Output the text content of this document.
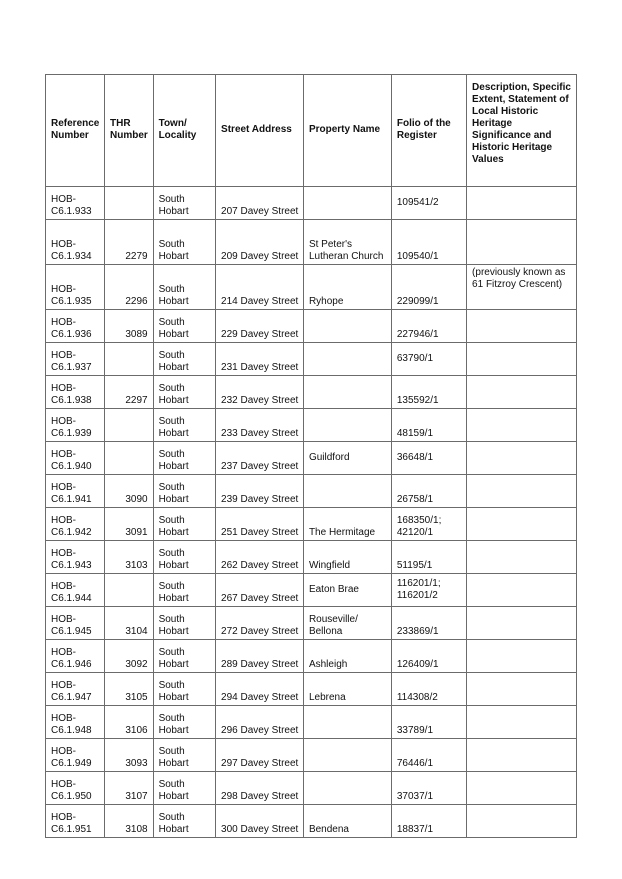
Reference Number	THR Number	Town/ Locality	Street Address	Property Name	Folio of the Register	Description, Specific Extent, Statement of Local Historic Heritage Significance and Historic Heritage Values
HOB-C6.1.933		South Hobart	207 Davey Street		109541/2	
HOB-C6.1.934	2279	South Hobart	209 Davey Street	St Peter's Lutheran Church	109540/1	
HOB-C6.1.935	2296	South Hobart	214 Davey Street	Ryhope	229099/1	(previously known as 61 Fitzroy Crescent)
HOB-C6.1.936	3089	South Hobart	229 Davey Street		227946/1	
HOB-C6.1.937		South Hobart	231 Davey Street		63790/1	
HOB-C6.1.938	2297	South Hobart	232 Davey Street		135592/1	
HOB-C6.1.939		South Hobart	233 Davey Street		48159/1	
HOB-C6.1.940		South Hobart	237 Davey Street	Guildford	36648/1	
HOB-C6.1.941	3090	South Hobart	239 Davey Street		26758/1	
HOB-C6.1.942	3091	South Hobart	251 Davey Street	The Hermitage	168350/1; 42120/1	
HOB-C6.1.943	3103	South Hobart	262 Davey Street	Wingfield	51195/1	
HOB-C6.1.944		South Hobart	267 Davey Street	Eaton Brae	116201/1; 116201/2	
HOB-C6.1.945	3104	South Hobart	272 Davey Street	Rouseville/ Bellona	233869/1	
HOB-C6.1.946	3092	South Hobart	289 Davey Street	Ashleigh	126409/1	
HOB-C6.1.947	3105	South Hobart	294 Davey Street	Lebrena	114308/2	
HOB-C6.1.948	3106	South Hobart	296 Davey Street		33789/1	
HOB-C6.1.949	3093	South Hobart	297 Davey Street		76446/1	
HOB-C6.1.950	3107	South Hobart	298 Davey Street		37037/1	
HOB-C6.1.951	3108	South Hobart	300 Davey Street	Bendena	18837/1	
